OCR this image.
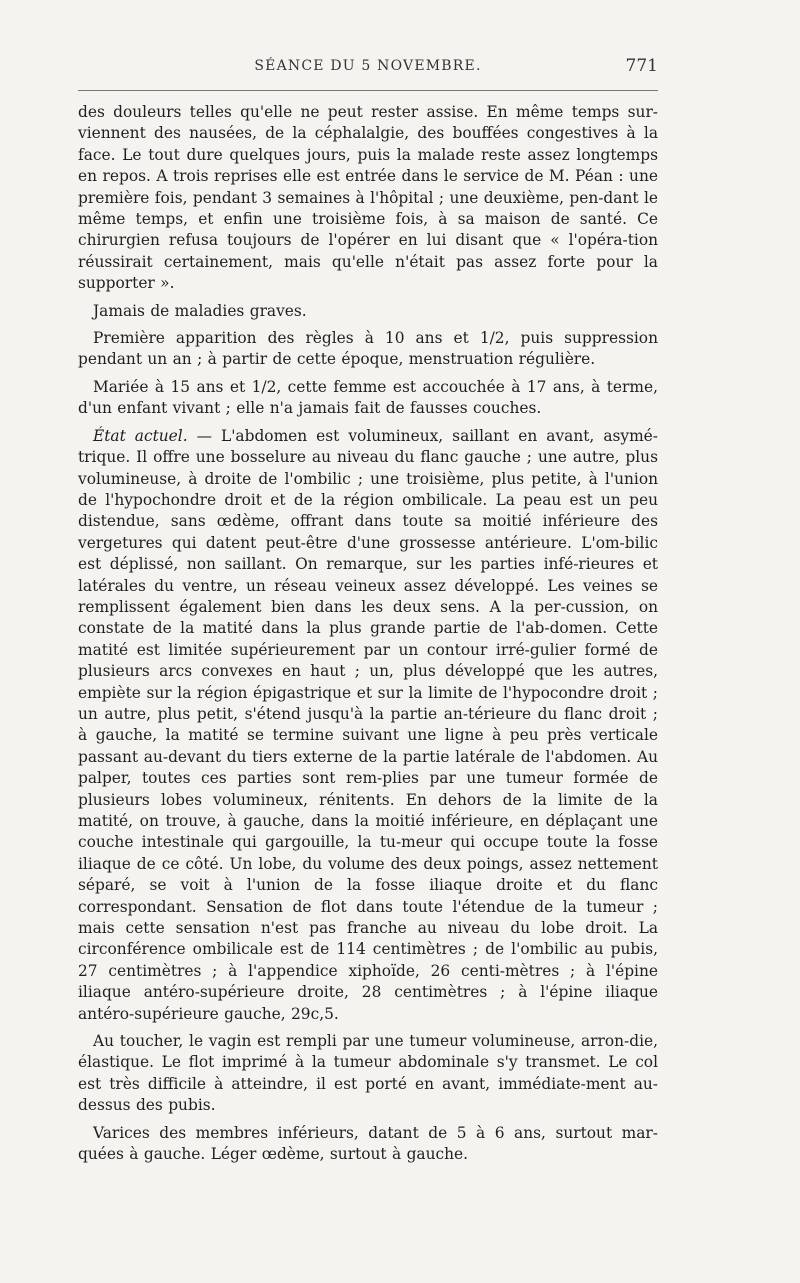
SÉANCE DU 5 NOVEMBRE.	771

des douleurs telles qu'elle ne peut rester assise. En même temps sur-viennent des nausées, de la céphalalgie, des bouffées congestives à la face. Le tout dure quelques jours, puis la malade reste assez longtemps en repos. A trois reprises elle est entrée dans le service de M. Péan : une première fois, pendant 3 semaines à l'hôpital ; une deuxième, pen-dant le même temps, et enfin une troisième fois, à sa maison de santé. Ce chirurgien refusa toujours de l'opérer en lui disant que « l'opéra-tion réussirait certainement, mais qu'elle n'était pas assez forte pour la supporter ».

Jamais de maladies graves.

Première apparition des règles à 10 ans et 1/2, puis suppression pendant un an ; à partir de cette époque, menstruation régulière.

Mariée à 15 ans et 1/2, cette femme est accouchée à 17 ans, à terme, d'un enfant vivant ; elle n'a jamais fait de fausses couches.

État actuel. — L'abdomen est volumineux, saillant en avant, asymé-trique. Il offre une bosselure au niveau du flanc gauche ; une autre, plus volumineuse, à droite de l'ombilic ; une troisième, plus petite, à l'union de l'hypochondre droit et de la région ombilicale. La peau est un peu distendue, sans œdème, offrant dans toute sa moitié inférieure des vergetures qui datent peut-être d'une grossesse antérieure. L'om-bilic est déplissé, non saillant. On remarque, sur les parties infé-rieures et latérales du ventre, un réseau veineux assez développé. Les veines se remplissent également bien dans les deux sens. A la per-cussion, on constate de la matité dans la plus grande partie de l'ab-domen. Cette matité est limitée supérieurement par un contour irré-gulier formé de plusieurs arcs convexes en haut ; un, plus développé que les autres, empiète sur la région épigastrique et sur la limite de l'hypocondre droit ; un autre, plus petit, s'étend jusqu'à la partie an-térieure du flanc droit ; à gauche, la matité se termine suivant une ligne à peu près verticale passant au-devant du tiers externe de la partie latérale de l'abdomen. Au palper, toutes ces parties sont rem-plies par une tumeur formée de plusieurs lobes volumineux, rénitents. En dehors de la limite de la matité, on trouve, à gauche, dans la moitié inférieure, en déplaçant une couche intestinale qui gargouille, la tu-meur qui occupe toute la fosse iliaque de ce côté. Un lobe, du volume des deux poings, assez nettement séparé, se voit à l'union de la fosse iliaque droite et du flanc correspondant. Sensation de flot dans toute l'étendue de la tumeur ; mais cette sensation n'est pas franche au niveau du lobe droit. La circonférence ombilicale est de 114 centimètres ; de l'ombilic au pubis, 27 centimètres ; à l'appendice xiphoïde, 26 centi-mètres ; à l'épine iliaque antéro-supérieure droite, 28 centimètres ; à l'épine iliaque antéro-supérieure gauche, 29c,5.

Au toucher, le vagin est rempli par une tumeur volumineuse, arron-die, élastique. Le flot imprimé à la tumeur abdominale s'y transmet. Le col est très difficile à atteindre, il est porté en avant, immédiate-ment au-dessus des pubis.

Varices des membres inférieurs, datant de 5 à 6 ans, surtout mar-quées à gauche. Léger œdème, surtout à gauche.
